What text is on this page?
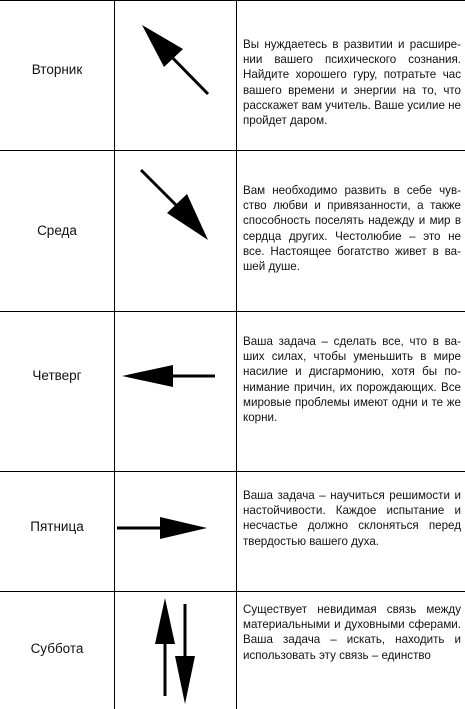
Вторник
Вы нуждаетесь в развитии и расширении вашего психического сознания. Найдите хорошего гуру, потратьте час вашего времени и энергии на то, что расскажет вам учитель. Ваше усилие не пройдет даром.
Среда
Вам необходимо развить в себе чувство любви и привязанности, а также способность поселять надежду и мир в сердца других. Честолюбие – это не все. Настоящее богатство живет в вашей душе.
Четверг
Ваша задача – сделать все, что в ваших силах, чтобы уменьшить в мире насилие и дисгармонию, хотя бы понимание причин, их порождающих. Все мировые проблемы имеют одни и те же корни.
Пятница
Ваша задача – научиться решимости и настойчивости. Каждое испытание и несчастье должно склоняться перед твердостью вашего духа.
Суббота
Существует невидимая связь между материальными и духовными сферами. Ваша задача – искать, находить и использовать эту связь – единство
